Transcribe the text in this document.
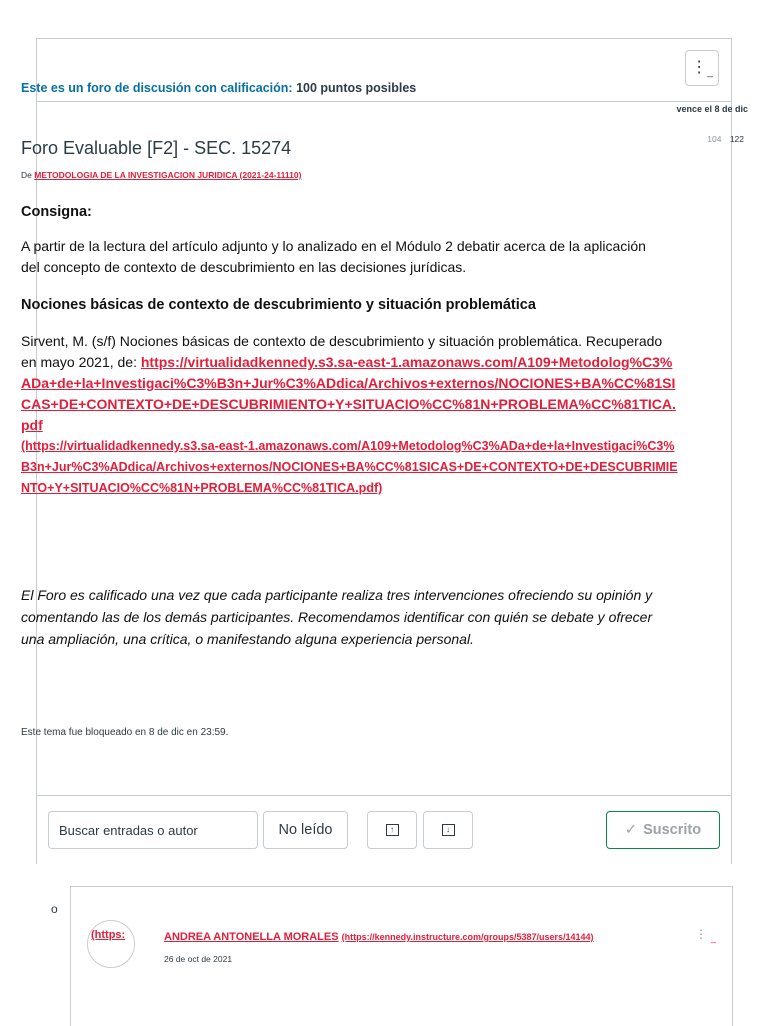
⋮_
Este es un foro de discusión con calificación: 100 puntos posibles
vence el 8 de dic
Foro Evaluable [F2] - SEC. 15274	104 122
De METODOLOGIA DE LA INVESTIGACION JURIDICA (2021-24-11110)
Consigna:
A partir de la lectura del artículo adjunto y lo analizado en el Módulo 2 debatir acerca de la aplicación del concepto de contexto de descubrimiento en las decisiones jurídicas.
Nociones básicas de contexto de descubrimiento y situación problemática
Sirvent, M. (s/f) Nociones básicas de contexto de descubrimiento y situación problemática. Recuperado en mayo 2021, de: https://virtualidadkennedy.s3.sa-east-1.amazonaws.com/A109+Metodolog%C3%ADa+de+la+Investigaci%C3%B3n+Jur%C3%ADdica/Archivos+externos/NOCIONES+BA%CC%81SICAS+DE+CONTEXTO+DE+DESCUBRIMIENTO+Y+SITUACIO%CC%81N+PROBLEMA%CC%81TICA.pdf
(https://virtualidadkennedy.s3.sa-east-1.amazonaws.com/A109+Metodolog%C3%ADa+de+la+Investigaci%C3%B3n+Jur%C3%ADdica/Archivos+externos/NOCIONES+BA%CC%81SICAS+DE+CONTEXTO+DE+DESCUBRIMIENTO+Y+SITUACIO%CC%81N+PROBLEMA%CC%81TICA.pdf)
El Foro es calificado una vez que cada participante realiza tres intervenciones ofreciendo su opinión y comentando las de los demás participantes. Recomendamos identificar con quién se debate y ofrecer una ampliación, una crítica, o manifestando alguna experiencia personal.
Este tema fue bloqueado en 8 de dic en 23:59.
Buscar entradas o autor
No leído	↑	↓	✓ Suscrito
o
(https:	ANDREA ANTONELLA MORALES (https://kennedy.instructure.com/groups/5387/users/14144)
26 de oct de 2021
⋮ $_{\_}$
